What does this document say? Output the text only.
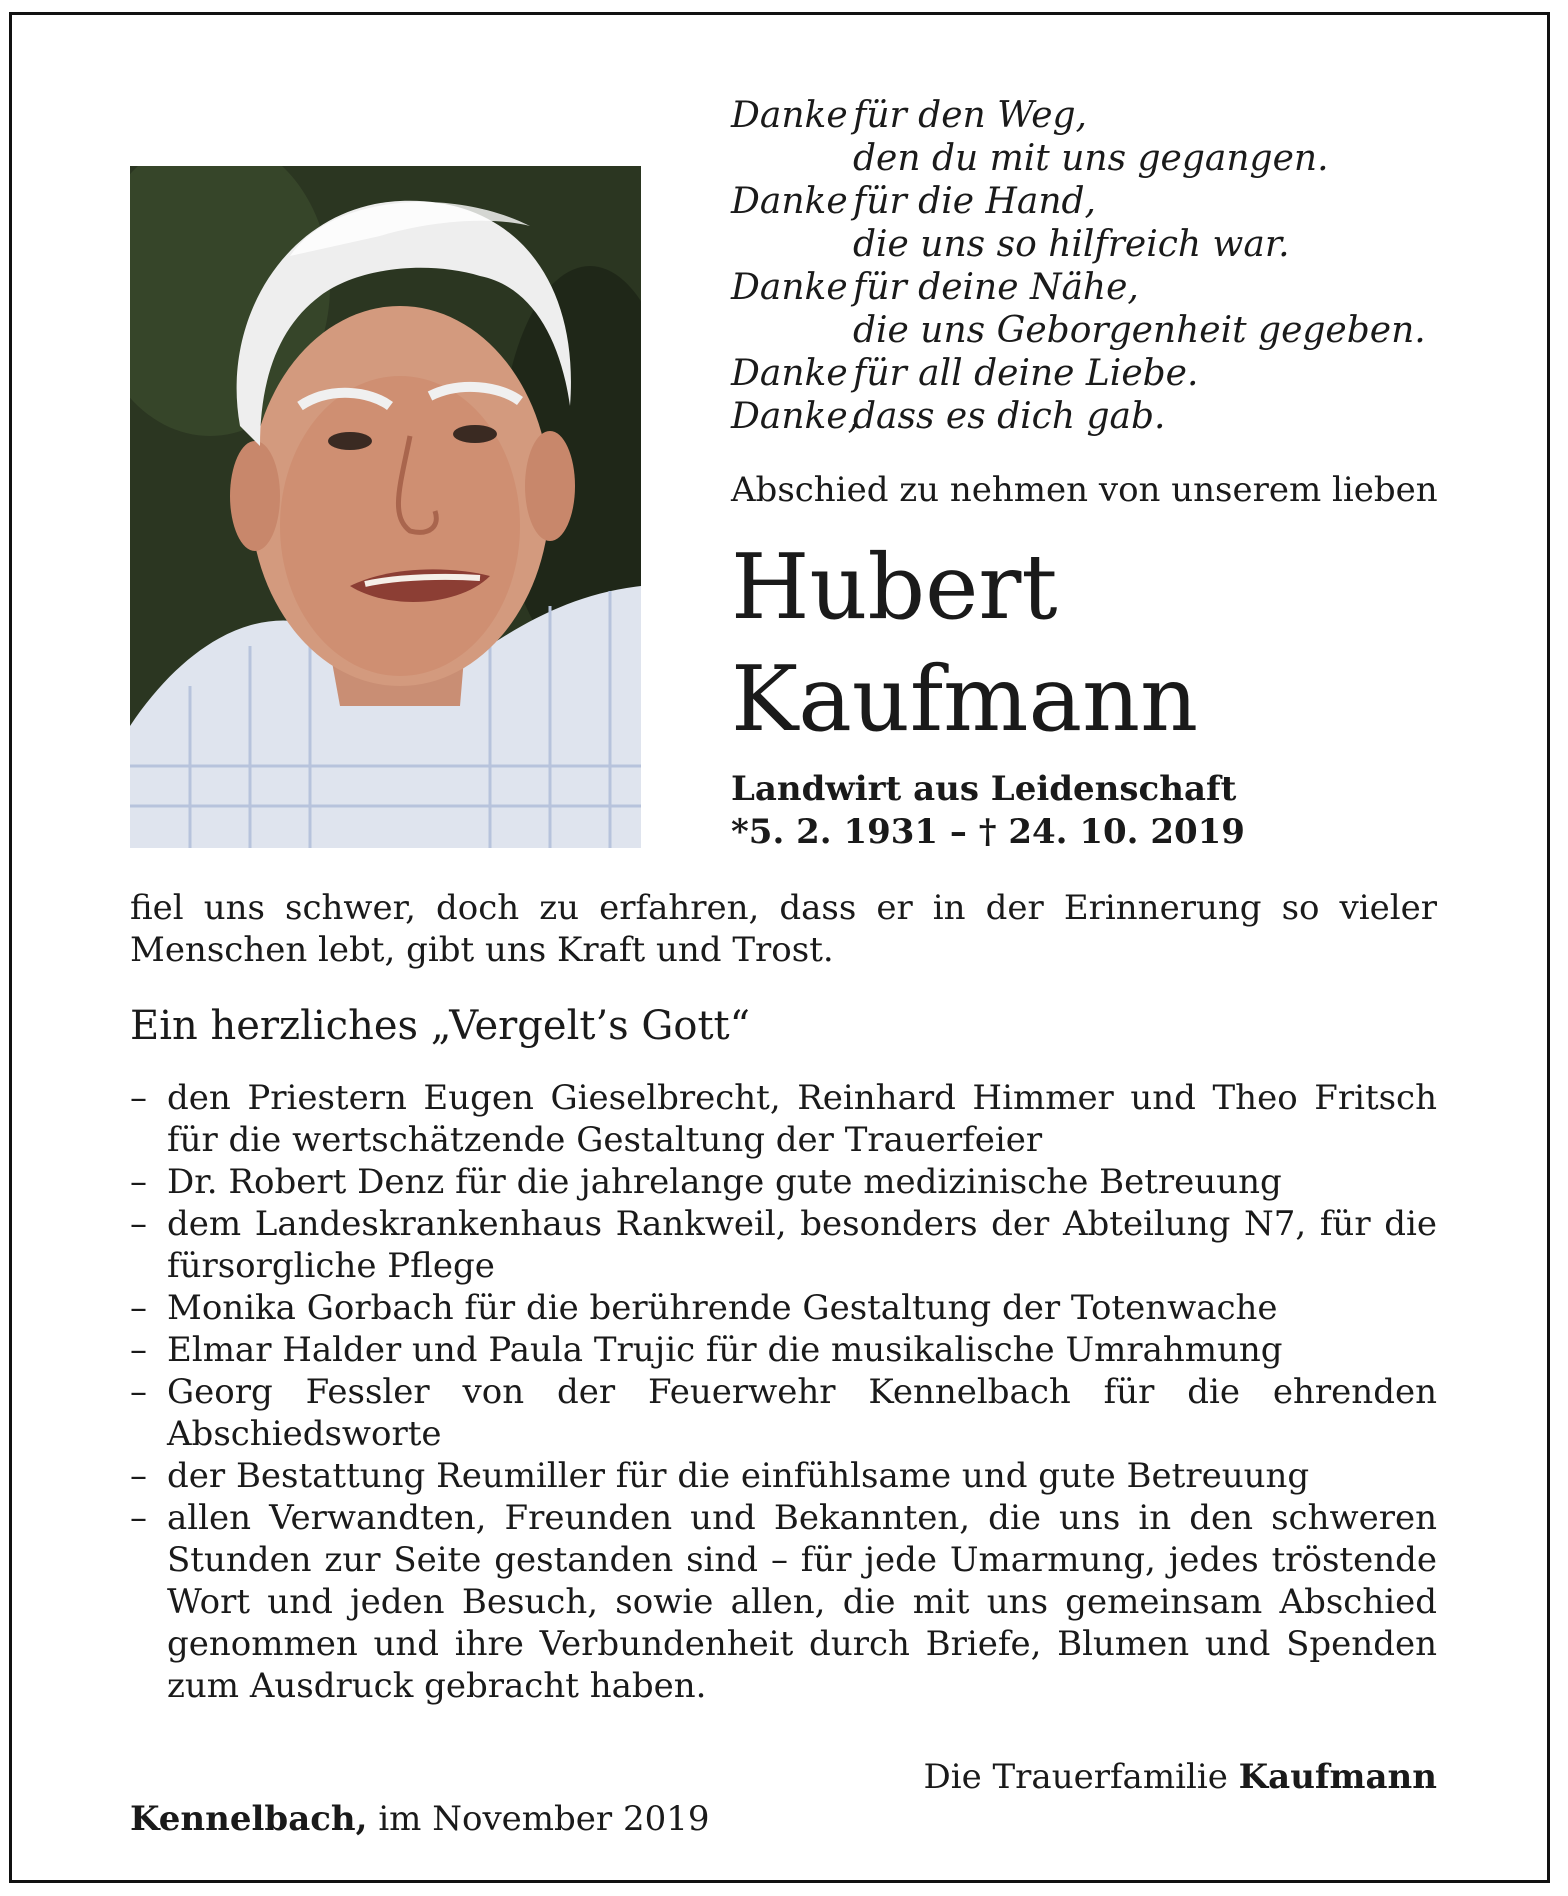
Danke für den Weg,
den du mit uns gegangen.
Danke für die Hand,
die uns so hilfreich war.
Danke für deine Nähe,
die uns Geborgenheit gegeben.
Danke für all deine Liebe.
Danke,dass es dich gab.
Abschied zu nehmen von unserem lieben
Hubert
Kaufmann
Landwirt aus Leidenschaft
*5. 2. 1931 – † 24. 10. 2019
fiel uns schwer, doch zu erfahren, dass er in der Erinnerung so vieler Menschen lebt, gibt uns Kraft und Trost.
Ein herzliches „Vergelt’s Gott“
– den Priestern Eugen Gieselbrecht, Reinhard Himmer und Theo Fritsch für die wertschätzende Gestaltung der Trauerfeier
– Dr. Robert Denz für die jahrelange gute medizinische Betreuung
– dem Landeskrankenhaus Rankweil, besonders der Abteilung N7, für die fürsorgliche Pflege
– Monika Gorbach für die berührende Gestaltung der Totenwache
– Elmar Halder und Paula Trujic für die musikalische Umrahmung
– Georg Fessler von der Feuerwehr Kennelbach für die ehrenden Abschiedsworte
– der Bestattung Reumiller für die einfühlsame und gute Betreuung
– allen Verwandten, Freunden und Bekannten, die uns in den schweren Stunden zur Seite gestanden sind – für jede Umarmung, jedes tröstende Wort und jeden Besuch, sowie allen, die mit uns gemeinsam Abschied genommen und ihre Verbundenheit durch Briefe, Blumen und Spenden zum Ausdruck gebracht haben.
Die Trauerfamilie Kaufmann
Kennelbach, im November 2019
